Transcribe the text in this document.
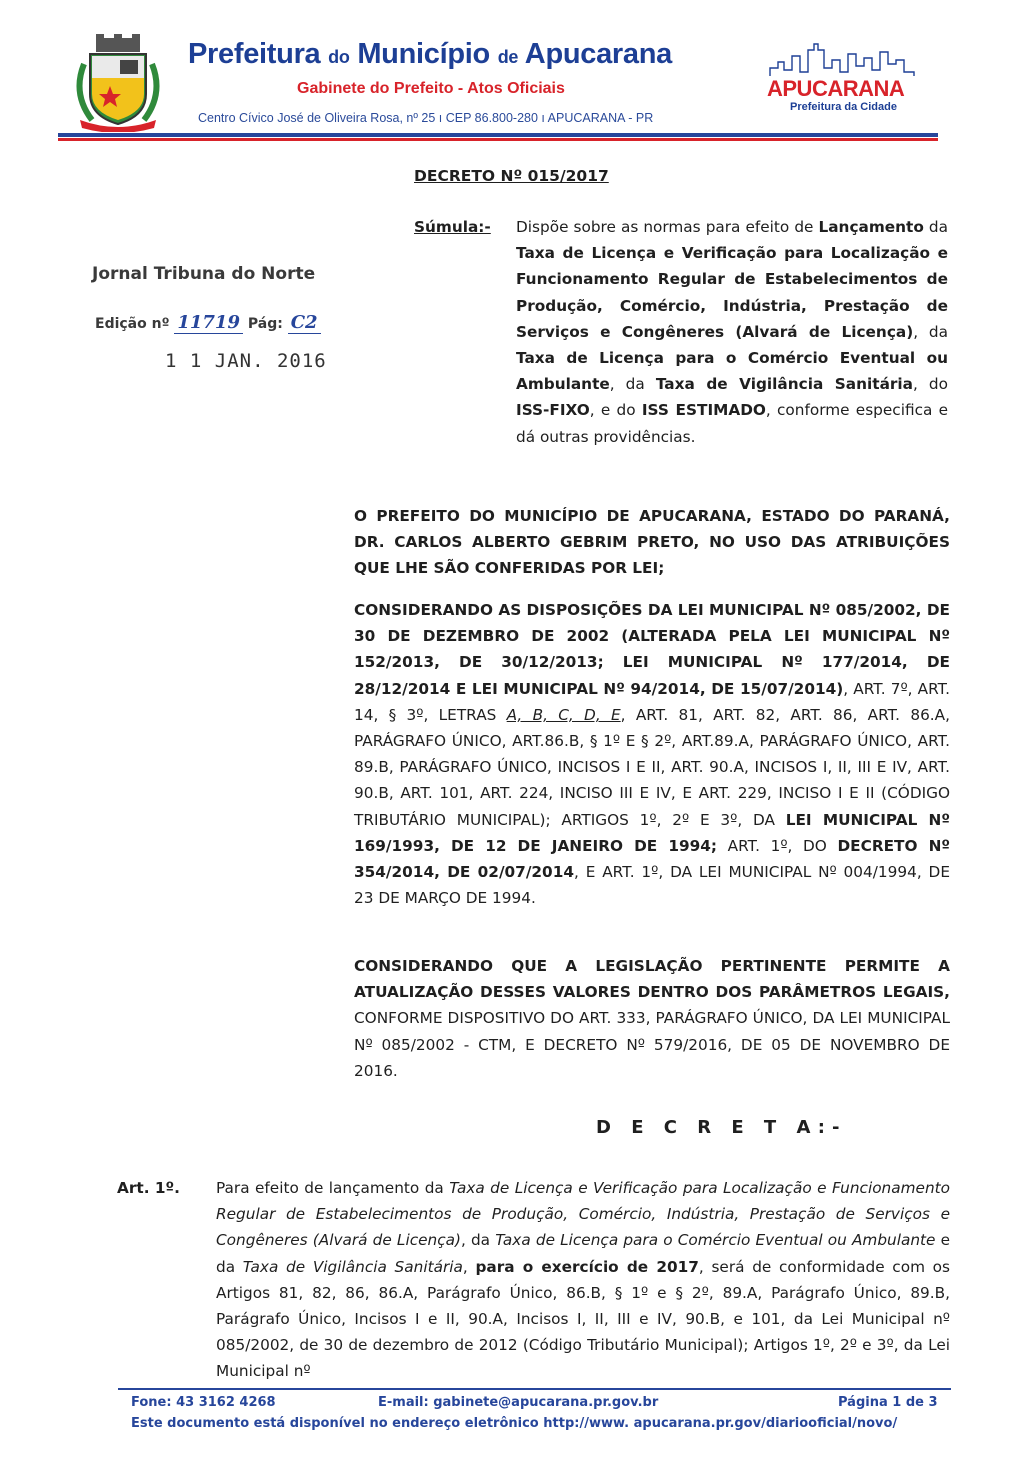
Prefeitura do Município de Apucarana
Gabinete do Prefeito - Atos Oficiais
Centro Cívico José de Oliveira Rosa, nº 25 ı CEP 86.800-280 ı APUCARANA - PR
APUCARANA
Prefeitura da Cidade
Jornal Tribuna do Norte
Edição nº 11719 Pág: C2
1 1 JAN. 2016
DECRETO Nº 015/2017
Súmula:- Dispõe sobre as normas para efeito de Lançamento da Taxa de Licença e Verificação para Localização e Funcionamento Regular de Estabelecimentos de Produção, Comércio, Indústria, Prestação de Serviços e Congêneres (Alvará de Licença), da Taxa de Licença para o Comércio Eventual ou Ambulante, da Taxa de Vigilância Sanitária, do ISS-FIXO, e do ISS ESTIMADO, conforme especifica e dá outras providências.
O PREFEITO DO MUNICÍPIO DE APUCARANA, ESTADO DO PARANÁ, DR. CARLOS ALBERTO GEBRIM PRETO, NO USO DAS ATRIBUIÇÕES QUE LHE SÃO CONFERIDAS POR LEI;
CONSIDERANDO AS DISPOSIÇÕES DA LEI MUNICIPAL Nº 085/2002, DE 30 DE DEZEMBRO DE 2002 (ALTERADA PELA LEI MUNICIPAL Nº 152/2013, DE 30/12/2013; LEI MUNICIPAL Nº 177/2014, DE 28/12/2014 E LEI MUNICIPAL Nº 94/2014, DE 15/07/2014), ART. 7º, ART. 14, § 3º, LETRAS A, B, C, D, E, ART. 81, ART. 82, ART. 86, ART. 86.A, PARÁGRAFO ÚNICO, ART.86.B, § 1º E § 2º, ART.89.A, PARÁGRAFO ÚNICO, ART. 89.B, PARÁGRAFO ÚNICO, INCISOS I E II, ART. 90.A, INCISOS I, II, III E IV, ART. 90.B, ART. 101, ART. 224, INCISO III E IV, E ART. 229, INCISO I E II (CÓDIGO TRIBUTÁRIO MUNICIPAL); ARTIGOS 1º, 2º E 3º, DA LEI MUNICIPAL Nº 169/1993, DE 12 DE JANEIRO DE 1994; ART. 1º, DO DECRETO Nº 354/2014, DE 02/07/2014, E ART. 1º, DA LEI MUNICIPAL Nº 004/1994, DE 23 DE MARÇO DE 1994.
CONSIDERANDO QUE A LEGISLAÇÃO PERTINENTE PERMITE A ATUALIZAÇÃO DESSES VALORES DENTRO DOS PARÂMETROS LEGAIS, CONFORME DISPOSITIVO DO ART. 333, PARÁGRAFO ÚNICO, DA LEI MUNICIPAL Nº 085/2002 - CTM, E DECRETO Nº 579/2016, DE 05 DE NOVEMBRO DE 2016.
D E C R E T A:-
Art. 1º. Para efeito de lançamento da Taxa de Licença e Verificação para Localização e Funcionamento Regular de Estabelecimentos de Produção, Comércio, Indústria, Prestação de Serviços e Congêneres (Alvará de Licença), da Taxa de Licença para o Comércio Eventual ou Ambulante e da Taxa de Vigilância Sanitária, para o exercício de 2017, será de conformidade com os Artigos 81, 82, 86, 86.A, Parágrafo Único, 86.B, § 1º e § 2º, 89.A, Parágrafo Único, 89.B, Parágrafo Único, Incisos I e II, 90.A, Incisos I, II, III e IV, 90.B, e 101, da Lei Municipal nº 085/2002, de 30 de dezembro de 2012 (Código Tributário Municipal); Artigos 1º, 2º e 3º, da Lei Municipal nº
Fone: 43 3162 4268	E-mail: gabinete@apucarana.pr.gov.br	Página 1 de 3
Este documento está disponível no endereço eletrônico http://www. apucarana.pr.gov/diariooficial/novo/
